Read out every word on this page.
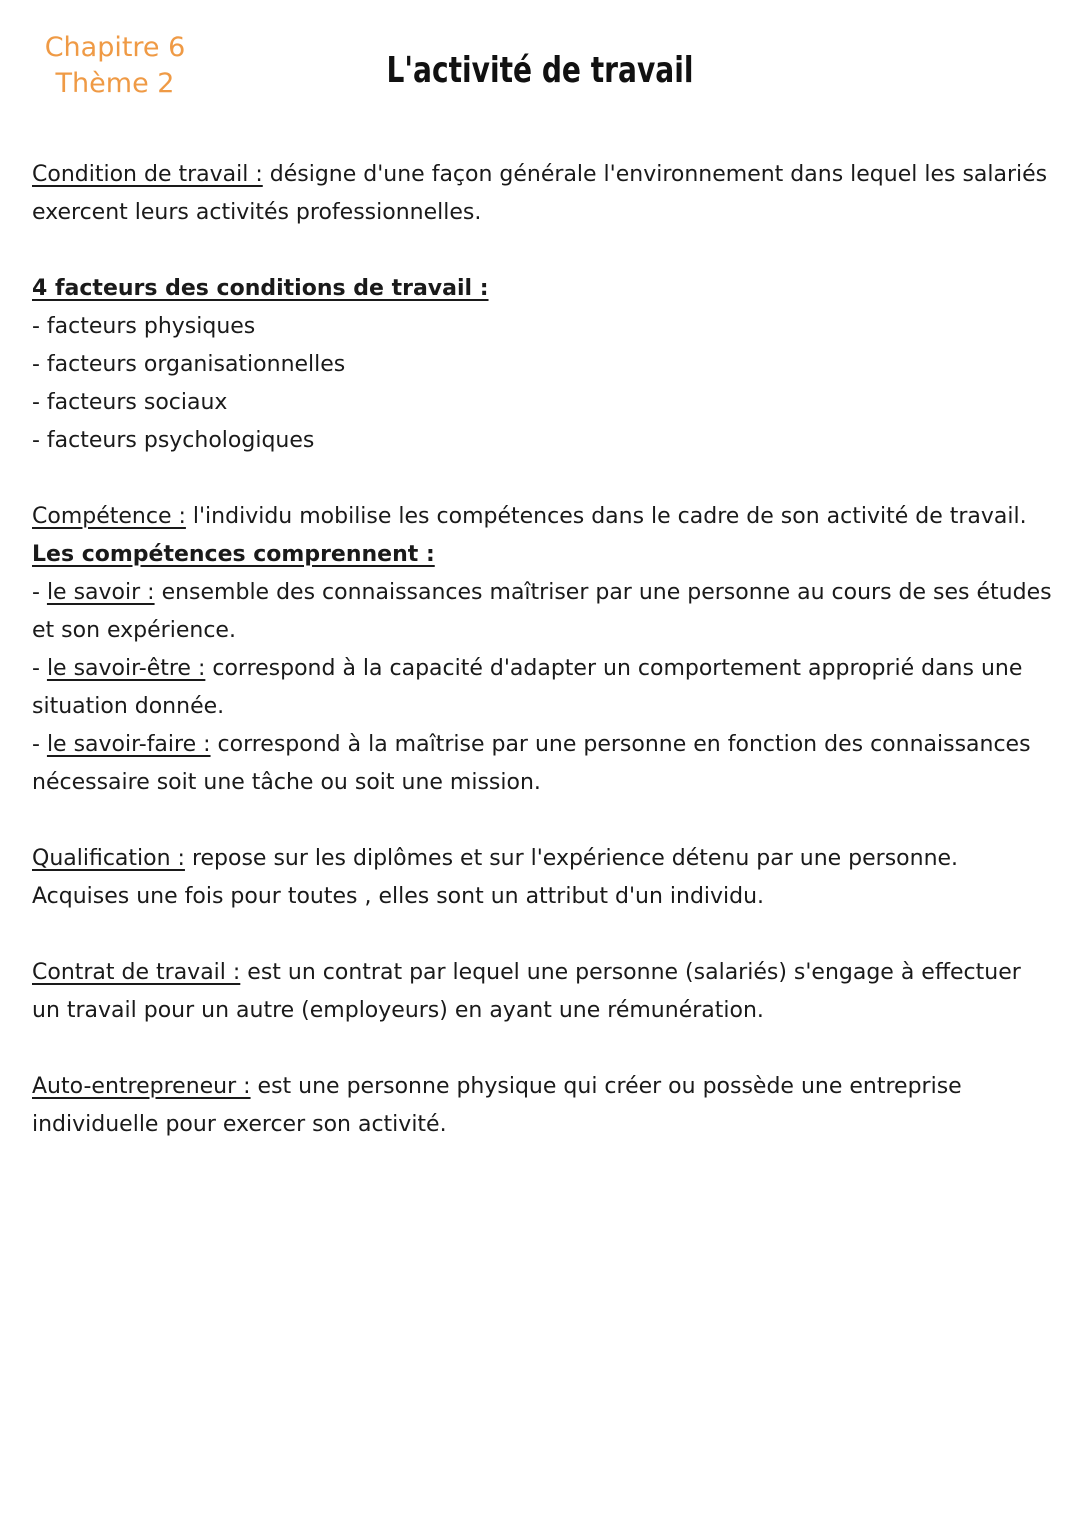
Chapitre 6
Thème 2	L'activité de travail

Condition de travail : désigne d'une façon générale l'environnement dans lequel les salariés exercent leurs activités professionnelles.

4 facteurs des conditions de travail :

- facteurs physiques

- facteurs organisationnelles

- facteurs sociaux

- facteurs psychologiques

Compétence : l'individu mobilise les compétences dans le cadre de son activité de travail.

Les compétences comprennent :

- le savoir : ensemble des connaissances maîtriser par une personne au cours de ses études et son expérience.

- le savoir-être : correspond à la capacité d'adapter un comportement approprié dans une situation donnée.

- le savoir-faire : correspond à la maîtrise par une personne en fonction des connaissances nécessaire soit une tâche ou soit une mission.

Qualification : repose sur les diplômes et sur l'expérience détenu par une personne. Acquises une fois pour toutes , elles sont un attribut d'un individu.

Contrat de travail : est un contrat par lequel une personne (salariés) s'engage à effectuer un travail pour un autre (employeurs) en ayant une rémunération.

Auto-entrepreneur : est une personne physique qui créer ou possède une entreprise individuelle pour exercer son activité.
